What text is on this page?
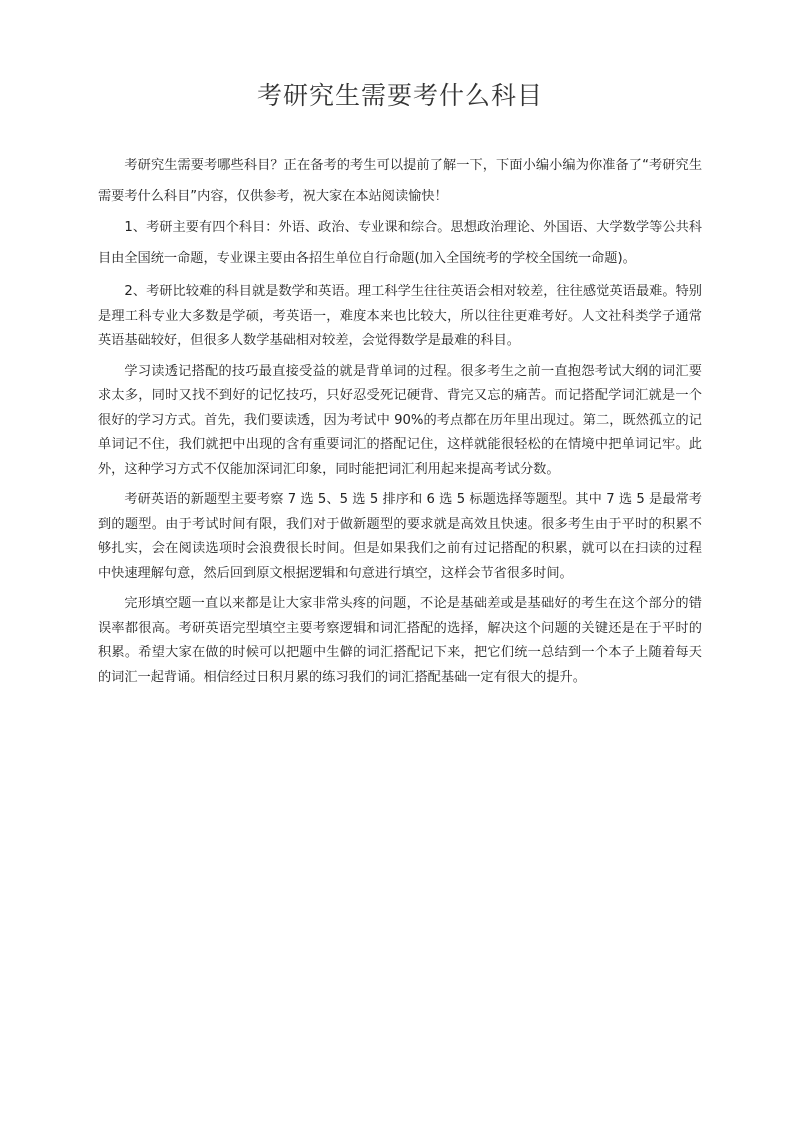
考研究生需要考什么科目

考研究生需要考哪些科目？正在备考的考生可以提前了解一下，下面小编小编为你准备了“考研究生需要考什么科目”内容，仅供参考，祝大家在本站阅读愉快！

1、考研主要有四个科目：外语、政治、专业课和综合。思想政治理论、外国语、大学数学等公共科目由全国统一命题，专业课主要由各招生单位自行命题(加入全国统考的学校全国统一命题)。

2、考研比较难的科目就是数学和英语。理工科学生往往英语会相对较差，往往感觉英语最难。特别是理工科专业大多数是学硕，考英语一，难度本来也比较大，所以往往更难考好。人文社科类学子通常英语基础较好，但很多人数学基础相对较差，会觉得数学是最难的科目。

学习读透记搭配的技巧最直接受益的就是背单词的过程。很多考生之前一直抱怨考试大纲的词汇要求太多，同时又找不到好的记忆技巧，只好忍受死记硬背、背完又忘的痛苦。而记搭配学词汇就是一个很好的学习方式。首先，我们要读透，因为考试中 90%的考点都在历年里出现过。第二，既然孤立的记单词记不住，我们就把中出现的含有重要词汇的搭配记住，这样就能很轻松的在情境中把单词记牢。此外，这种学习方式不仅能加深词汇印象，同时能把词汇利用起来提高考试分数。

考研英语的新题型主要考察 7 选 5、5 选 5 排序和 6 选 5 标题选择等题型。其中 7 选 5 是最常考到的题型。由于考试时间有限，我们对于做新题型的要求就是高效且快速。很多考生由于平时的积累不够扎实，会在阅读选项时会浪费很长时间。但是如果我们之前有过记搭配的积累，就可以在扫读的过程中快速理解句意，然后回到原文根据逻辑和句意进行填空，这样会节省很多时间。

完形填空题一直以来都是让大家非常头疼的问题，不论是基础差或是基础好的考生在这个部分的错误率都很高。考研英语完型填空主要考察逻辑和词汇搭配的选择，解决这个问题的关键还是在于平时的积累。希望大家在做的时候可以把题中生僻的词汇搭配记下来，把它们统一总结到一个本子上随着每天的词汇一起背诵。相信经过日积月累的练习我们的词汇搭配基础一定有很大的提升。
